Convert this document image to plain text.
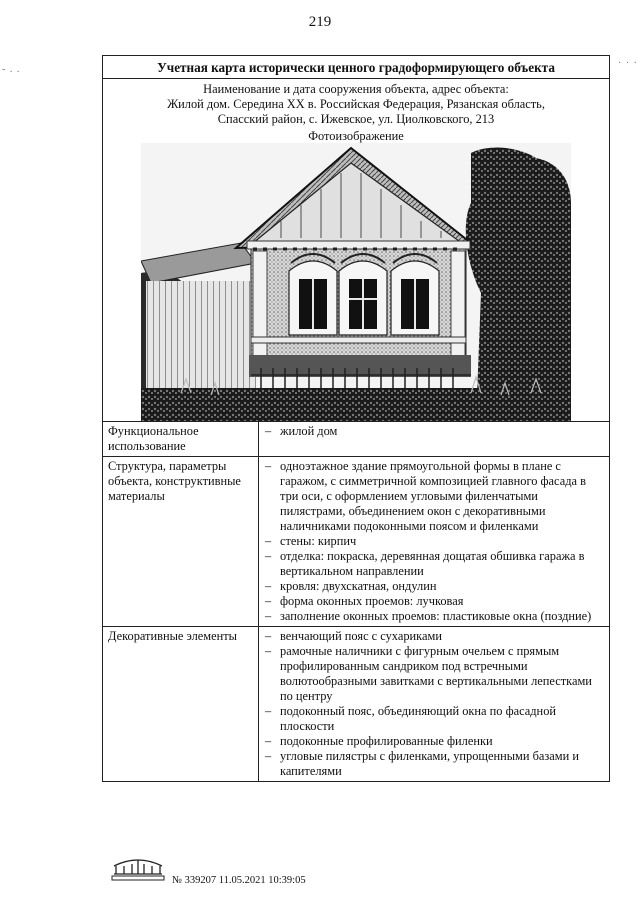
219
- . .
· · ·
Учетная карта исторически ценного градоформирующего объекта
Наименование и дата сооружения объекта, адрес объекта:
Жилой дом. Середина XX в. Российская Федерация, Рязанская область,
Спасский район, с. Ижевское, ул. Циолковского, 213
Фотоизображение
Функциональное использование
– жилой дом
Структура, параметры объекта, конструктивные материалы
– одноэтажное здание прямоугольной формы в плане с гаражом, с симметричной композицией главного фасада в три оси, с оформлением угловыми филенчатыми пилястрами, объединением окон с декоративными наличниками подоконными поясом и филенками
– стены: кирпич
– отделка: покраска, деревянная дощатая обшивка гаража в вертикальном направлении
– кровля: двухскатная, ондулин
– форма оконных проемов: лучковая
– заполнение оконных проемов: пластиковые окна (поздние)
Декоративные элементы
–	венчающий пояс с сухариками
– рамочные наличники с фигурным очельем с прямым профилированным сандриком под встречными волютообразными завитками с вертикальными лепестками по центру
– подоконный пояс, объединяющий окна по фасадной плоскости
– подоконные профилированные филенки
– угловые пилястры с филенками, упрощенными базами и капителями
№ 339207 11.05.2021 10:39:05
